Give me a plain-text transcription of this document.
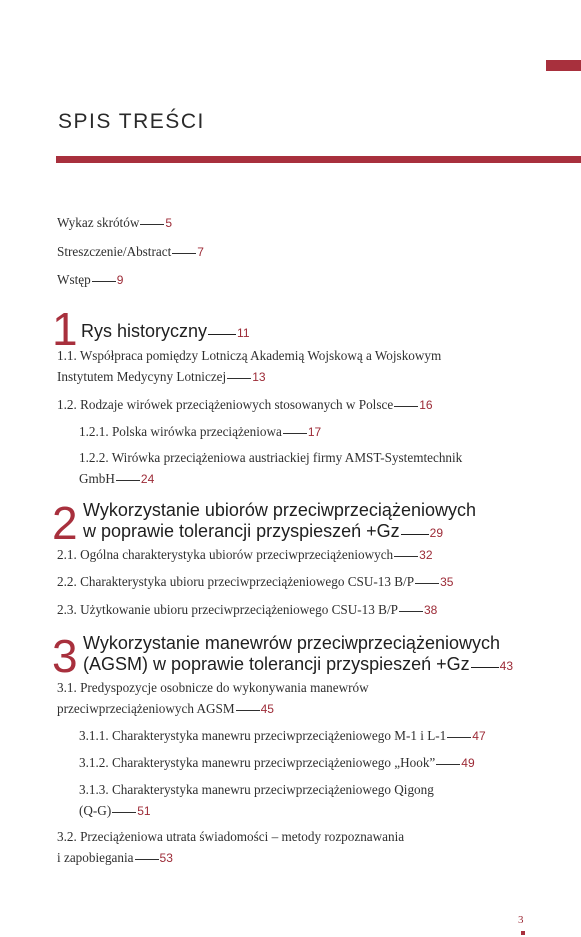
SPIS TREŚCI
Wykaz skrótów 5
Streszczenie/Abstract 7
Wstęp 9
1 Rys historyczny	11
1.1. Współpraca pomiędzy Lotniczą Akademią Wojskową a Wojskowym
Instytutem Medycyny Lotniczej 13
1.2. Rodzaje wirówek przeciążeniowych stosowanych w Polsce 16
1.2.1. Polska wirówka przeciążeniowa 17
1.2.2. Wirówka przeciążeniowa austriackiej firmy AMST-Systemtechnik
GmbH 24
2 Wykorzystanie ubiorów przeciwprzeciążeniowych
w poprawie tolerancji przyspieszeń +Gz	29
2.1. Ogólna charakterystyka ubiorów przeciwprzeciążeniowych 32
2.2. Charakterystyka ubioru przeciwprzeciążeniowego CSU-13 B/P 35
2.3. Użytkowanie ubioru przeciwprzeciążeniowego CSU-13 B/P 38
3 Wykorzystanie manewrów przeciwprzeciążeniowych
(AGSM) w poprawie tolerancji przyspieszeń +Gz	43
3.1. Predyspozycje osobnicze do wykonywania manewrów
przeciwprzeciążeniowych AGSM 45
3.1.1. Charakterystyka manewru przeciwprzeciążeniowego M-1 i L-1 47
3.1.2. Charakterystyka manewru przeciwprzeciążeniowego „Hook” 49
3.1.3. Charakterystyka manewru przeciwprzeciążeniowego Qigong
(Q-G) 51
3.2. Przeciążeniowa utrata świadomości – metody rozpoznawania
i zapobiegania 53
3
